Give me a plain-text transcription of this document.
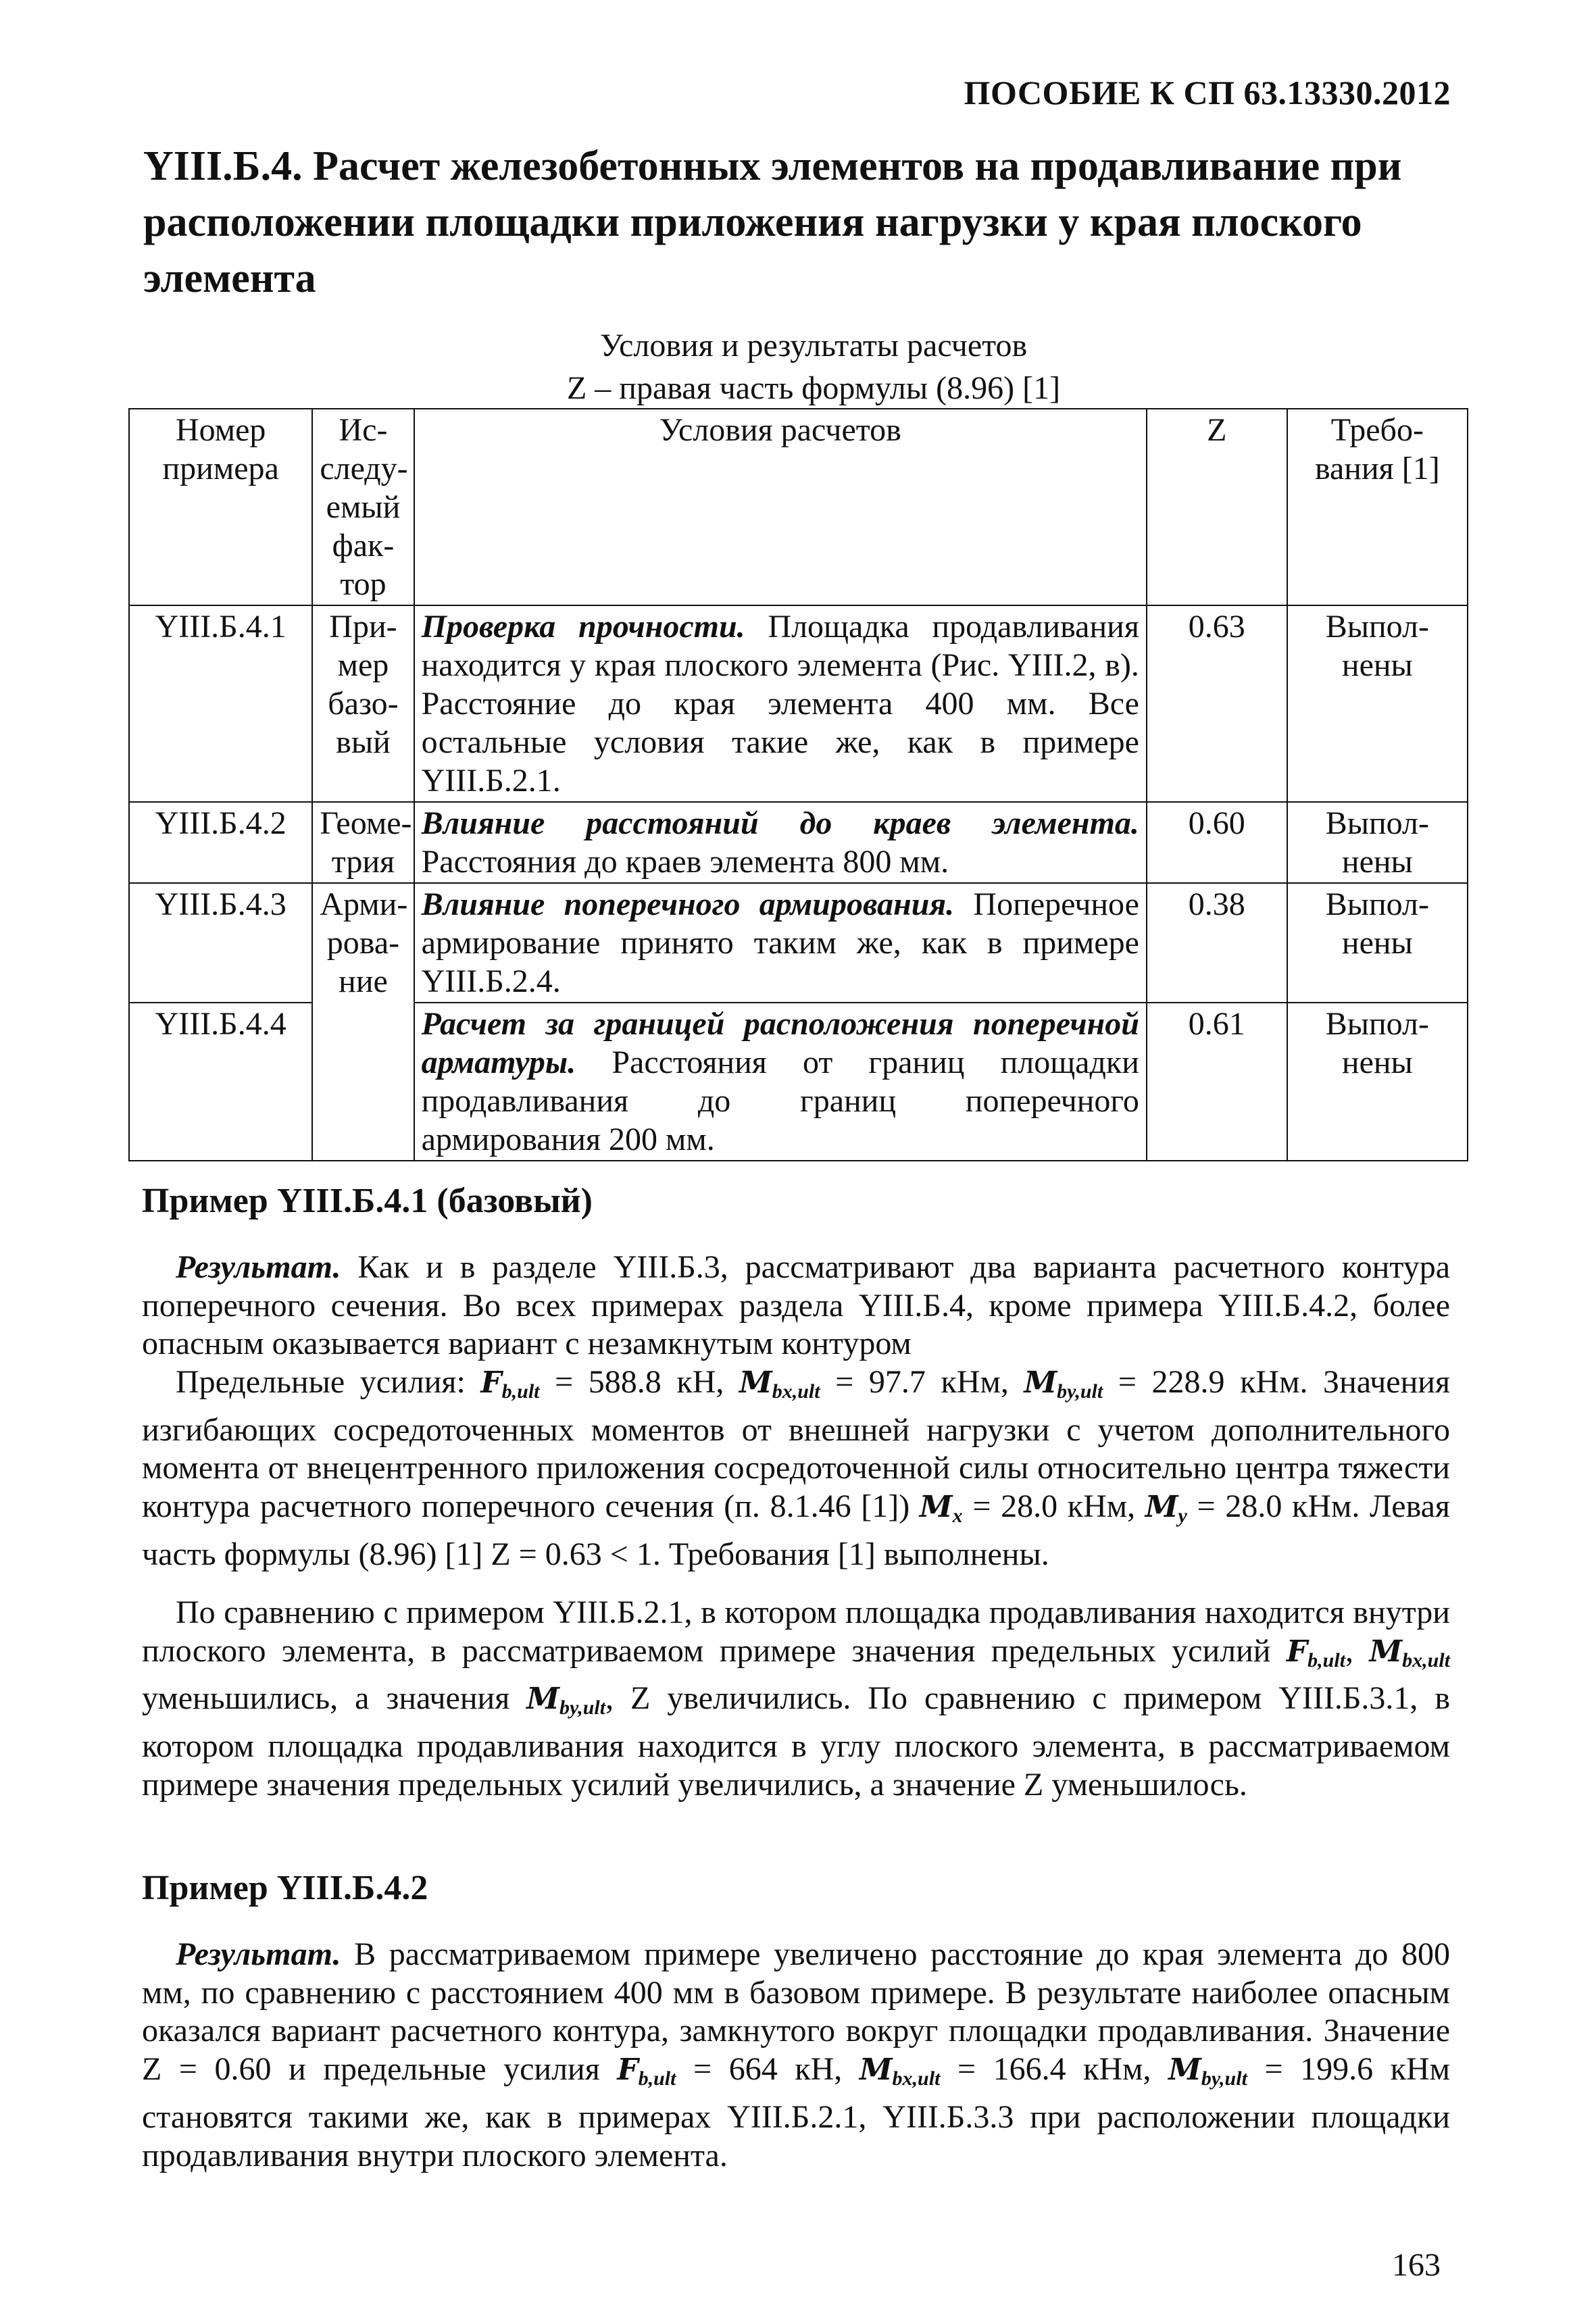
ПОСОБИЕ К СП 63.13330.2012
YIII.Б.4. Расчет железобетонных элементов на продавливание при расположении площадки приложения нагрузки у края плоского элемента
Условия и результаты расчетов
Z – правая часть формулы (8.96) [1]
Номер примера	Ис- следу- емый фак- тор	Условия расчетов	Z	Требо- вания [1]
YIII.Б.4.1	При- мер базо- вый	Проверка прочности. Площадка продавливания находится у края плоского элемента (Рис. YIII.2, в). Расстояние до края элемента 400 мм. Все остальные условия такие же, как в примере YIII.Б.2.1.	0.63	Выпол- нены
YIII.Б.4.2	Геоме- трия	Влияние расстояний до краев элемента. Расстояния до краев элемента 800 мм.	0.60	Выпол- нены
YIII.Б.4.3	Арми- рова- ние	Влияние поперечного армирования. Поперечное армирование принято таким же, как в примере YIII.Б.2.4.	0.38	Выпол- нены
YIII.Б.4.4		Расчет за границей расположения поперечной арматуры. Расстояния от границ площадки продавливания до границ поперечного армирования 200 мм.	0.61	Выпол- нены
Пример YIII.Б.4.1 (базовый)
Результат. Как и в разделе YIII.Б.3, рассматривают два варианта расчетного контура поперечного сечения. Во всех примерах раздела YIII.Б.4, кроме примера YIII.Б.4.2, более опасным оказывается вариант с незамкнутым контуром
Предельные усилия: $F_{b,ult} = 588.8$ кН, $M_{bx,ult} = 97.7$ кНм, $M_{by,ult} = 228.9$ кНм. Значения изгибающих сосредоточенных моментов от внешней нагрузки с учетом дополнительного момента от внецентренного приложения сосредоточенной силы относительно центра тяжести контура расчетного поперечного сечения (п. 8.1.46 [1]) $M_x = 28.0$ кНм, $M_y = 28.0$ кНм. Левая часть формулы (8.96) [1] Z = 0.63 < 1. Требования [1] выполнены.
По сравнению с примером YIII.Б.2.1, в котором площадка продавливания находится внутри плоского элемента, в рассматриваемом примере значения предельных усилий $F_{b,ult}$, $M_{bx,ult}$ уменьшились, а значения $M_{by,ult}$, Z увеличились. По сравнению с примером YIII.Б.3.1, в котором площадка продавливания находится в углу плоского элемента, в рассматриваемом примере значения предельных усилий увеличились, а значение Z уменьшилось.
Пример YIII.Б.4.2
Результат. В рассматриваемом примере увеличено расстояние до края элемента до 800 мм, по сравнению с расстоянием 400 мм в базовом примере. В результате наиболее опасным оказался вариант расчетного контура, замкнутого вокруг площадки продавливания. Значение Z = 0.60 и предельные усилия $F_{b,ult} = 664$ кН, $M_{bx,ult} = 166.4$ кНм, $M_{by,ult} = 199.6$ кНм становятся такими же, как в примерах YIII.Б.2.1, YIII.Б.3.3 при расположении площадки продавливания внутри плоского элемента.
163
